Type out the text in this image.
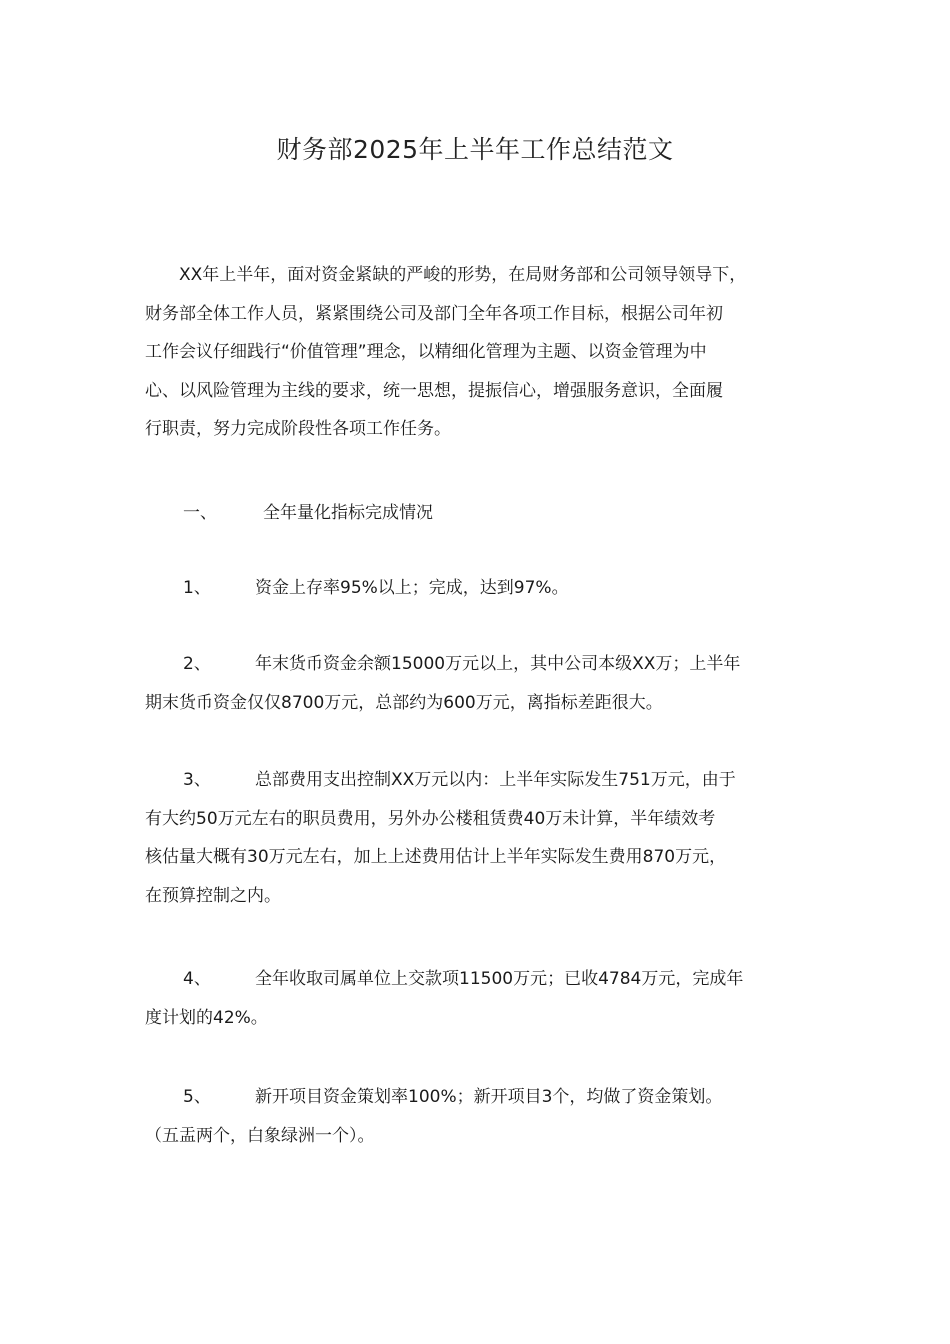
财务部2025年上半年工作总结范文
XX年上半年，面对资金紧缺的严峻的形势，在局财务部和公司领导领导下，
财务部全体工作人员，紧紧围绕公司及部门全年各项工作目标，根据公司年初
工作会议仔细践行“价值管理”理念，以精细化管理为主题、以资金管理为中
心、以风险管理为主线的要求，统一思想，提振信心，增强服务意识，全面履
行职责，努力完成阶段性各项工作任务。
一、	全年量化指标完成情况
1、	资金上存率95%以上；完成，达到97%。
2、	年末货币资金余额15000万元以上，其中公司本级XX万；上半年
期末货币资金仅仅8700万元，总部约为600万元，离指标差距很大。
3、	总部费用支出控制XX万元以内：上半年实际发生751万元，由于
有大约50万元左右的职员费用，另外办公楼租赁费40万未计算，半年绩效考
核估量大概有30万元左右，加上上述费用估计上半年实际发生费用870万元，
在预算控制之内。
4、	全年收取司属单位上交款项11500万元；已收4784万元，完成年
度计划的42%。
5、	新开项目资金策划率100%；新开项目3个，均做了资金策划。
（五盂两个，白象绿洲一个）。
